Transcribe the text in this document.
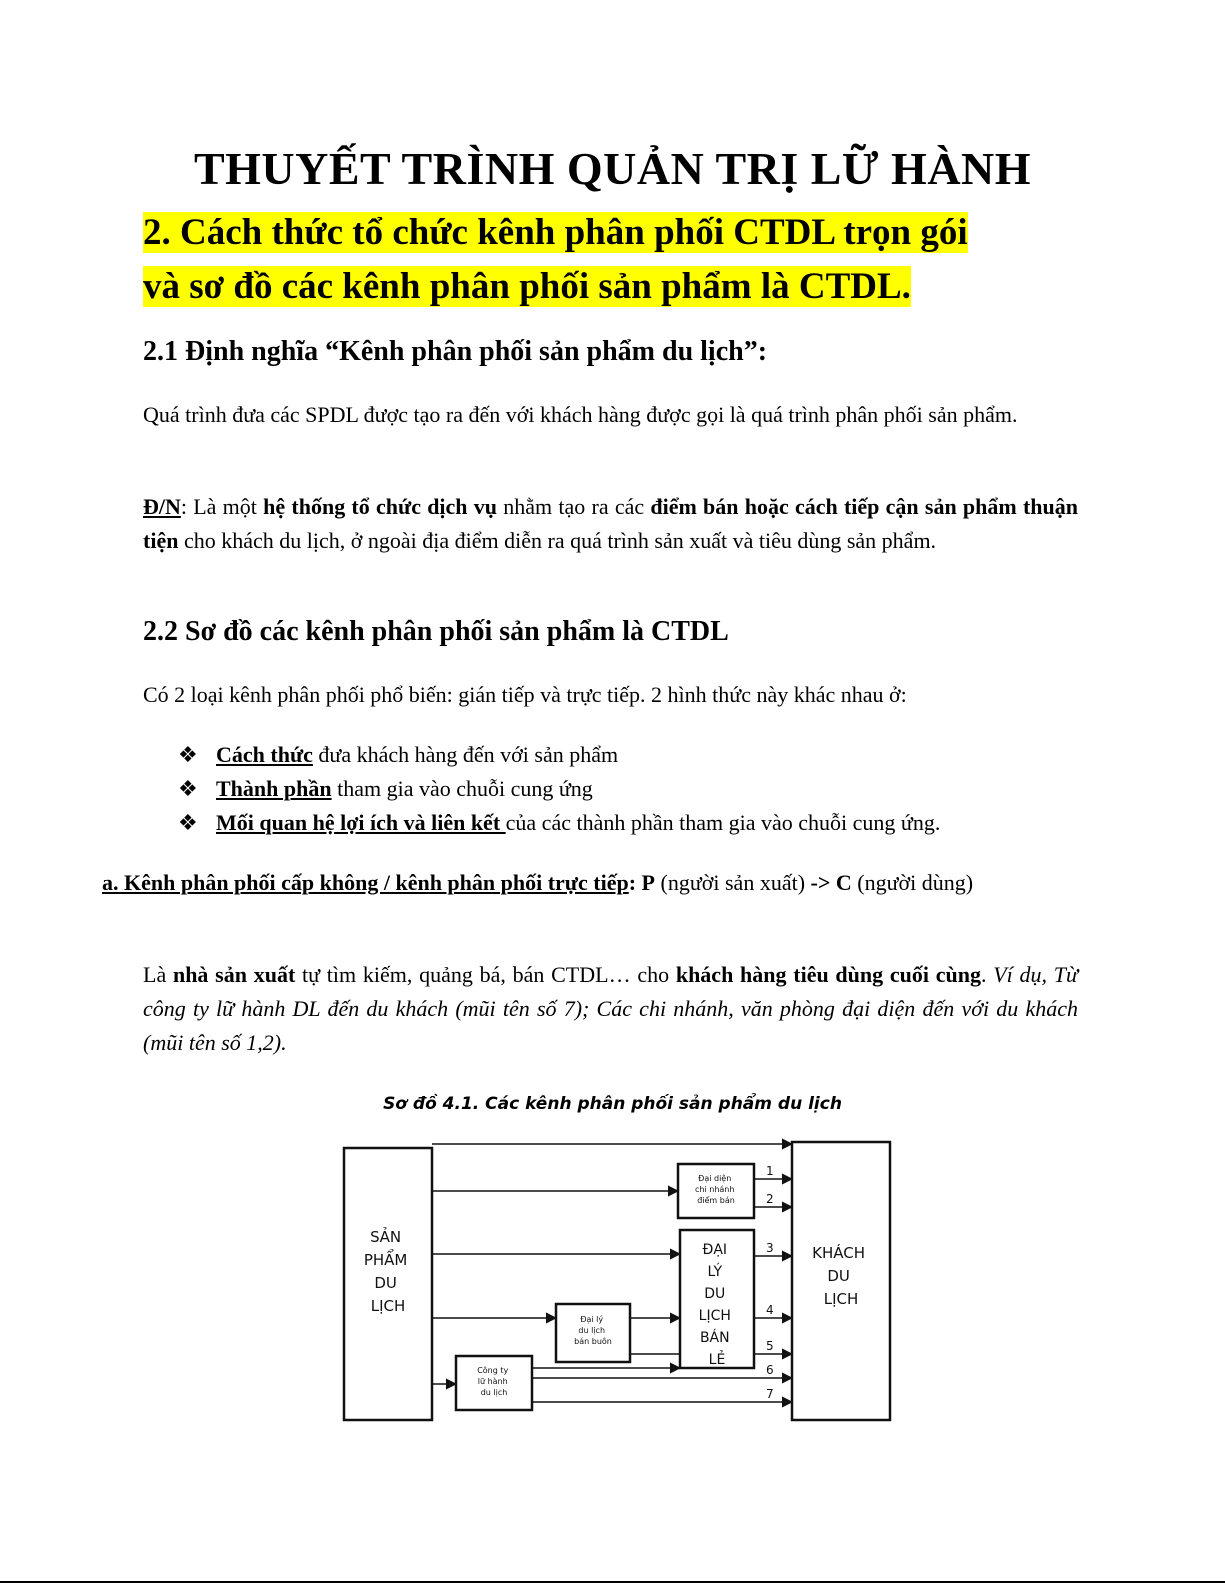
THUYẾT TRÌNH QUẢN TRỊ LỮ HÀNH
2. Cách thức tổ chức kênh phân phối CTDL trọn gói
và sơ đồ các kênh phân phối sản phẩm là CTDL.
2.1 Định nghĩa “Kênh phân phối sản phẩm du lịch”:

Quá trình đưa các SPDL được tạo ra đến với khách hàng được gọi là quá trình phân phối sản phẩm.

Đ/N: Là một hệ thống tổ chức dịch vụ nhằm tạo ra các điểm bán hoặc cách tiếp cận sản phẩm thuận tiện cho khách du lịch, ở ngoài địa điểm diễn ra quá trình sản xuất và tiêu dùng sản phẩm.

2.2 Sơ đồ các kênh phân phối sản phẩm là CTDL

Có 2 loại kênh phân phối phổ biến: gián tiếp và trực tiếp. 2 hình thức này khác nhau ở:

❖ Cách thức đưa khách hàng đến với sản phẩm
❖ Thành phần tham gia vào chuỗi cung ứng
❖ Mối quan hệ lợi ích và liên kết của các thành phần tham gia vào chuỗi cung ứng.

a. Kênh phân phối cấp không / kênh phân phối trực tiếp: P (người sản xuất) -> C (người dùng)

Là nhà sản xuất tự tìm kiếm, quảng bá, bán CTDL… cho khách hàng tiêu dùng cuối cùng. Ví dụ, Từ công ty lữ hành DL đến du khách (mũi tên số 7); Các chi nhánh, văn phòng đại diện đến với du khách (mũi tên số 1,2).

Sơ đồ 4.1. Các kênh phân phối sản phẩm du lịch
SẢN PHẨM DU LỊCH
KHÁCH DU LỊCH
Đại diện chi nhánh điểm bán
ĐẠI LÝ DU LỊCH BÁN LẺ
Đại lý du lịch bán buôn
Công ty lữ hành du lịch
1
2
3
4
5
6
7
